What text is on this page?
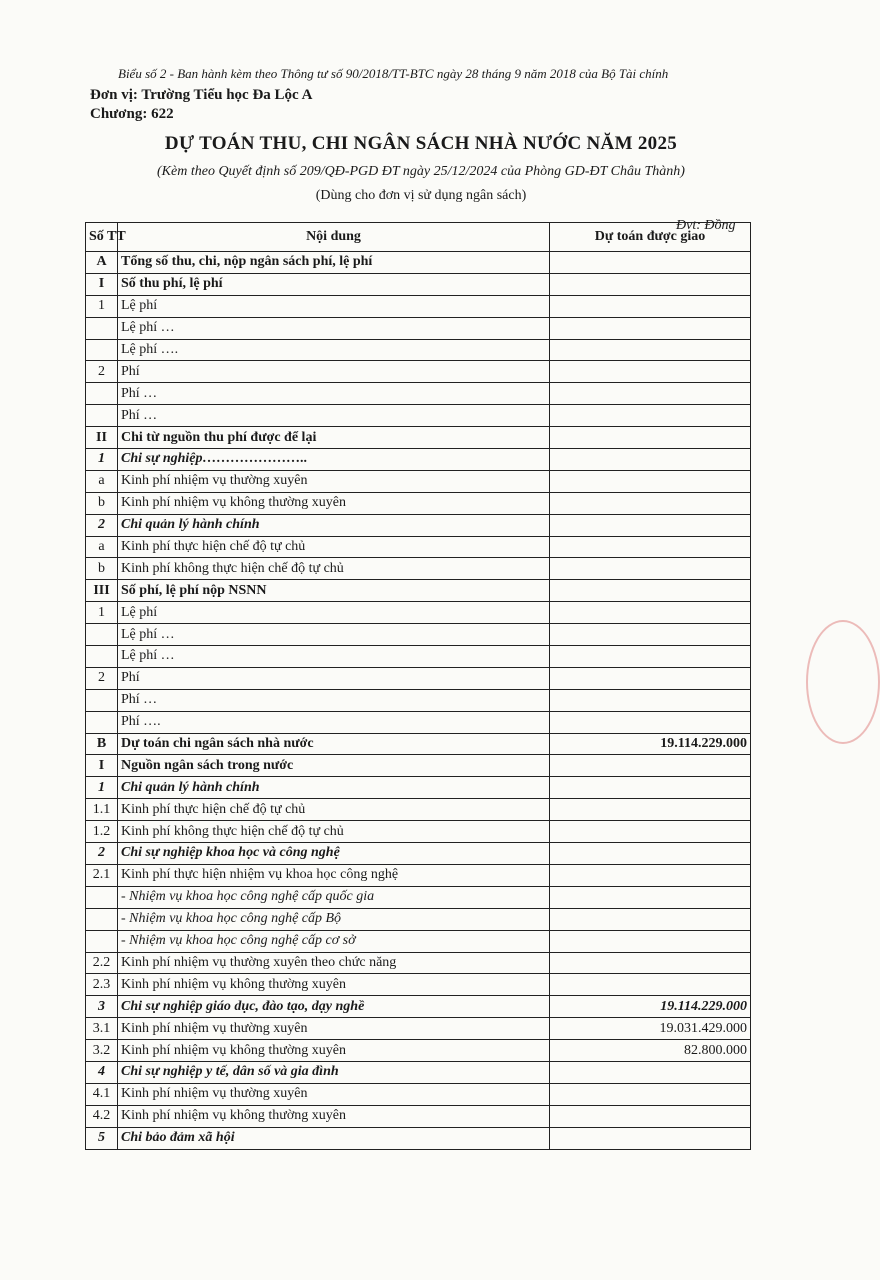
Biểu số 2 - Ban hành kèm theo Thông tư số 90/2018/TT-BTC ngày 28 tháng 9 năm 2018 của Bộ Tài chính
Đơn vị: Trường Tiểu học Đa Lộc A
Chương: 622
DỰ TOÁN THU, CHI NGÂN SÁCH NHÀ NƯỚC NĂM 2025
(Kèm theo Quyết định số 209/QĐ-PGD ĐT ngày 25/12/2024 của Phòng GD-ĐT Châu Thành)
(Dùng cho đơn vị sử dụng ngân sách)
Đvt: Đồng
Số TT	Nội dung	Dự toán được giao
A	Tổng số thu, chi, nộp ngân sách phí, lệ phí	
I	Số thu phí, lệ phí	
1	Lệ phí	
	Lệ phí …	
	Lệ phí ….	
2	Phí	
	Phí …	
	Phí …	
II	Chi từ nguồn thu phí được để lại	
1	Chi sự nghiệp…………………..	
a	Kinh phí nhiệm vụ thường xuyên	
b	Kinh phí nhiệm vụ không thường xuyên	
2	Chi quản lý hành chính	
a	Kinh phí thực hiện chế độ tự chủ	
b	Kinh phí không thực hiện chế độ tự chủ	
III	Số phí, lệ phí nộp NSNN	
1	Lệ phí	
	Lệ phí …	
	Lệ phí …	
2	Phí	
	Phí …	
	Phí ….	
B	Dự toán chi ngân sách nhà nước	19.114.229.000
I	Nguồn ngân sách trong nước	
1	Chi quản lý hành chính	
1.1	Kinh phí thực hiện chế độ tự chủ	
1.2	Kinh phí không thực hiện chế độ tự chủ	
2	Chi sự nghiệp khoa học và công nghệ	
2.1	Kinh phí thực hiện nhiệm vụ khoa học công nghệ	
	- Nhiệm vụ khoa học công nghệ cấp quốc gia	
	- Nhiệm vụ khoa học công nghệ cấp Bộ	
	- Nhiệm vụ khoa học công nghệ cấp cơ sở	
2.2	Kinh phí nhiệm vụ thường xuyên theo chức năng	
2.3	Kinh phí nhiệm vụ không thường xuyên	
3	Chi sự nghiệp giáo dục, đào tạo, dạy nghề	19.114.229.000
3.1	Kinh phí nhiệm vụ thường xuyên	19.031.429.000
3.2	Kinh phí nhiệm vụ không thường xuyên	82.800.000
4	Chi sự nghiệp y tế, dân số và gia đình	
4.1	Kinh phí nhiệm vụ thường xuyên	
4.2	Kinh phí nhiệm vụ không thường xuyên	
5	Chi bảo đảm xã hội	
